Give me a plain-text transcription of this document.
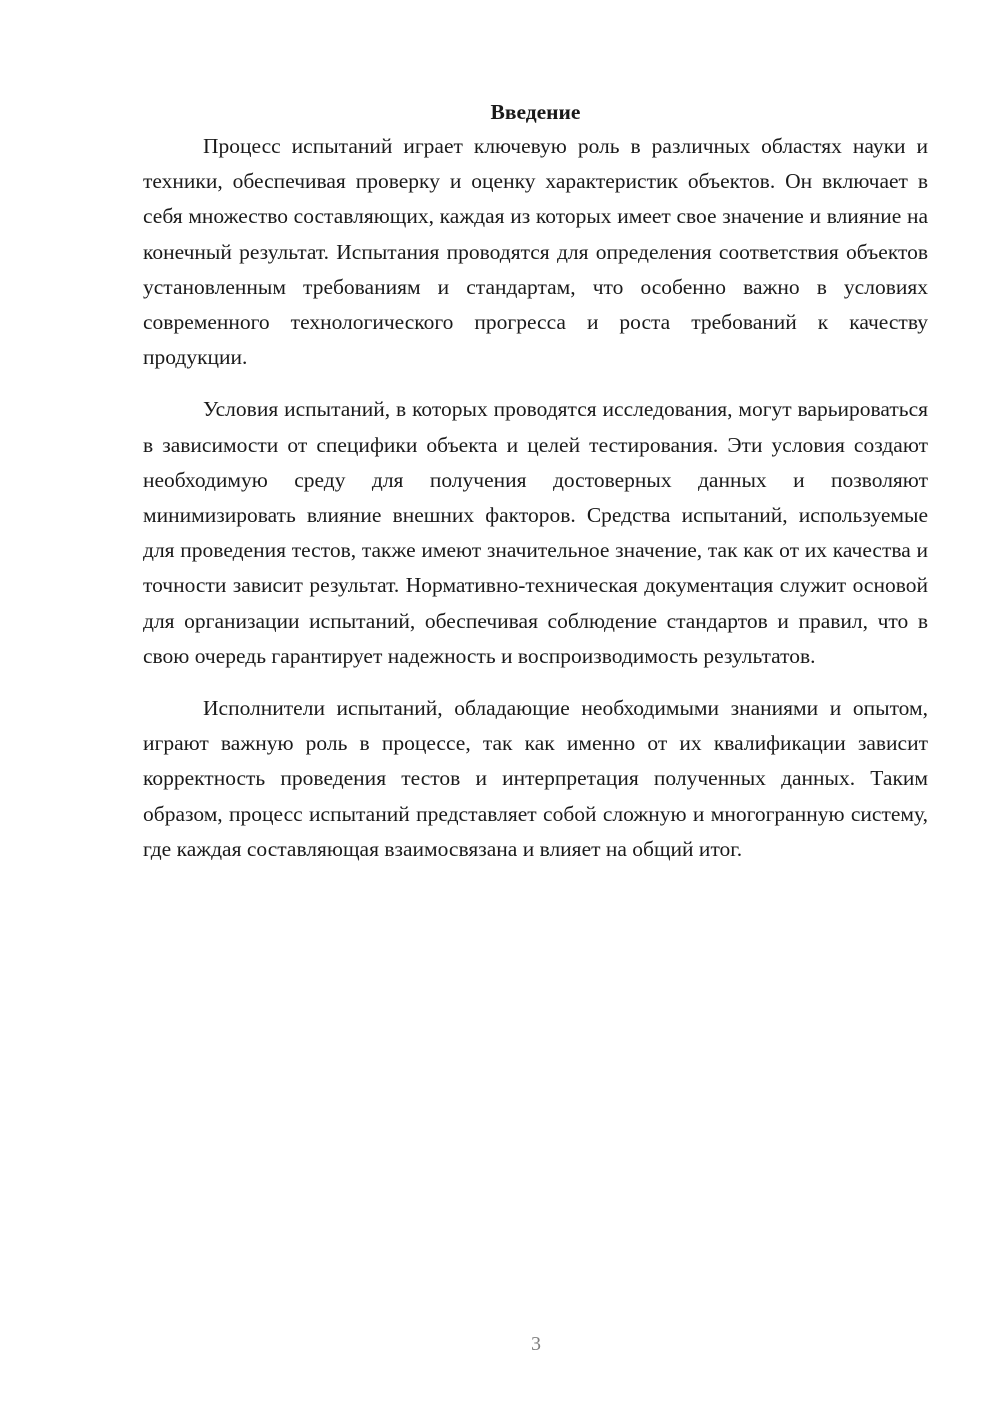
Введение

Процесс испытаний играет ключевую роль в различных областях науки и техники, обеспечивая проверку и оценку характеристик объектов. Он включает в себя множество составляющих, каждая из которых имеет свое значение и влияние на конечный результат. Испытания проводятся для определения соответствия объектов установленным требованиям и стандартам, что особенно важно в условиях современного технологического прогресса и роста требований к качеству продукции.

Условия испытаний, в которых проводятся исследования, могут варьироваться в зависимости от специфики объекта и целей тестирования. Эти условия создают необходимую среду для получения достоверных данных и позволяют минимизировать влияние внешних факторов. Средства испытаний, используемые для проведения тестов, также имеют значительное значение, так как от их качества и точности зависит результат. Нормативно-техническая документация служит основой для организации испытаний, обеспечивая соблюдение стандартов и правил, что в свою очередь гарантирует надежность и воспроизводимость результатов.

Исполнители испытаний, обладающие необходимыми знаниями и опытом, играют важную роль в процессе, так как именно от их квалификации зависит корректность проведения тестов и интерпретация полученных данных. Таким образом, процесс испытаний представляет собой сложную и многогранную систему, где каждая составляющая взаимосвязана и влияет на общий итог.

3
